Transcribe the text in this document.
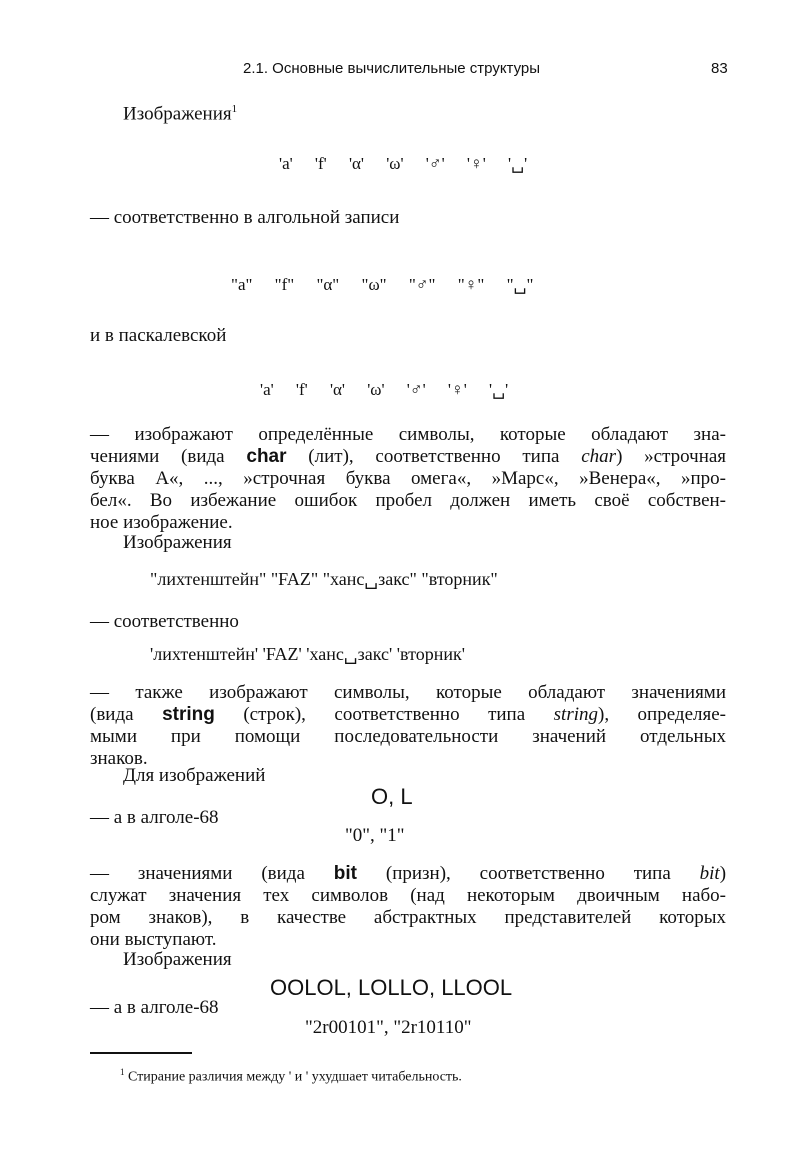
2.1. Основные вычислительные структуры	83
Изображения$^1$
'a' 'f' 'α' 'ω' '♂' '♀' '␣'
— соответственно в алгольной записи
"a" "f" "α" "ω" "♂" "♀" "␣"
и в паскалевской
'a' 'f' 'α' 'ω' '♂' '♀' '␣'
— изображают определённые символы, которые обладают зна-
чениями (вида char (лит), соответственно типа char) »строчная
буква А«, ..., »строчная буква омега«, »Марс«, »Венера«, »про-
бел«. Во избежание ошибок пробел должен иметь своё собствен-
ное изображение.
Изображения
"лихтенштейн" "FAZ" "ханс␣закс" "вторник"
— соответственно
'лихтенштейн' 'FAZ' 'ханс␣закс' 'вторник'
— также изображают символы, которые обладают значениями
(вида string (строк), соответственно типа string), определяе-
мыми при помощи последовательности значений отдельных
знаков.
Для изображений
O, L
— а в алголе-68
"0", "1"
— значениями (вида bit (призн), соответственно типа bit)
служат значения тех символов (над некоторым двоичным набо-
ром знаков), в качестве абстрактных представителей которых
они выступают.
Изображения
OOLOL, LOLLO, LLOOL
— а в алголе-68
"2r00101", "2r10110"
$^1$ Стирание различия между ' и ' ухудшает читабельность.
